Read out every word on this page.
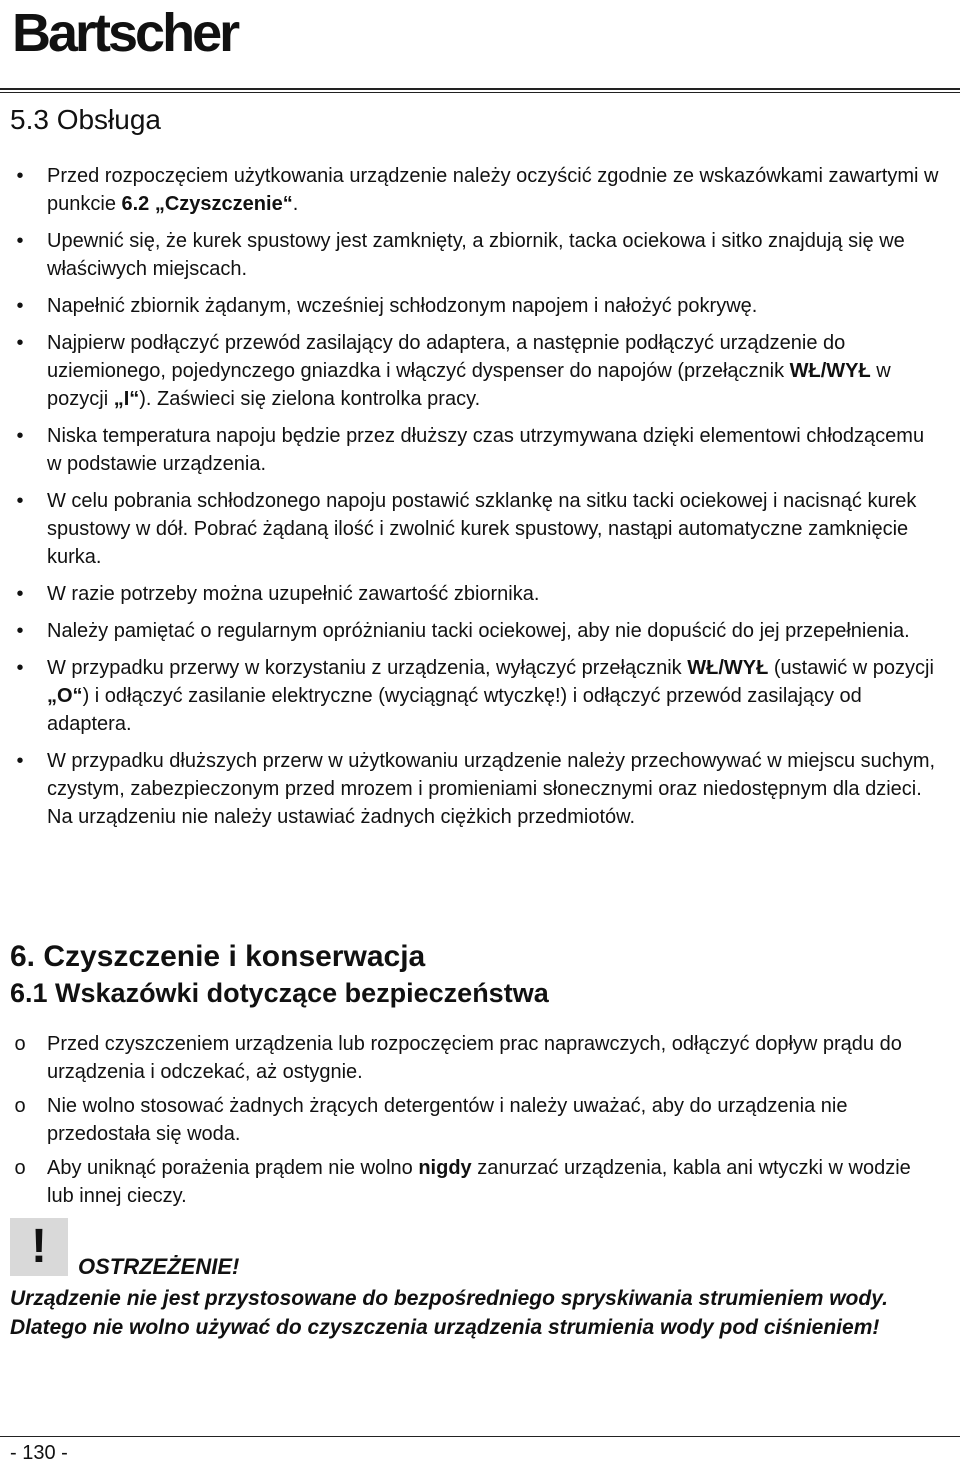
Bartscher
5.3 Obsługa
•	Przed rozpoczęciem użytkowania urządzenie należy oczyścić zgodnie ze wskazówkami zawartymi w punkcie 6.2 „Czyszczenie“.
•	Upewnić się, że kurek spustowy jest zamknięty, a zbiornik, tacka ociekowa i sitko znajdują się we właściwych miejscach.
•	Napełnić zbiornik żądanym, wcześniej schłodzonym napojem i nałożyć pokrywę.
•	Najpierw podłączyć przewód zasilający do adaptera, a następnie podłączyć urządzenie do uziemionego, pojedynczego gniazdka i włączyć dyspenser do napojów (przełącznik WŁ/WYŁ w pozycji „I“). Zaświeci się zielona kontrolka pracy.
•	Niska temperatura napoju będzie przez dłuższy czas utrzymywana dzięki elementowi chłodzącemu w podstawie urządzenia.
•	W celu pobrania schłodzonego napoju postawić szklankę na sitku tacki ociekowej i nacisnąć kurek spustowy w dół. Pobrać żądaną ilość i zwolnić kurek spustowy, nastąpi automatyczne zamknięcie kurka.
•	W razie potrzeby można uzupełnić zawartość zbiornika.
•	Należy pamiętać o regularnym opróżnianiu tacki ociekowej, aby nie dopuścić do jej przepełnienia.
•	W przypadku przerwy w korzystaniu z urządzenia, wyłączyć przełącznik WŁ/WYŁ (ustawić w pozycji „O“) i odłączyć zasilanie elektryczne (wyciągnąć wtyczkę!) i odłączyć przewód zasilający od adaptera.
•	W przypadku dłuższych przerw w użytkowaniu urządzenie należy przechowywać w miejscu suchym, czystym, zabezpieczonym przed mrozem i promieniami słonecznymi oraz niedostępnym dla dzieci. Na urządzeniu nie należy ustawiać żadnych ciężkich przedmiotów.
6. Czyszczenie i konserwacja
6.1 Wskazówki dotyczące bezpieczeństwa
o Przed czyszczeniem urządzenia lub rozpoczęciem prac naprawczych, odłączyć dopływ prądu do urządzenia i odczekać, aż ostygnie.
o Nie wolno stosować żadnych żrących detergentów i należy uważać, aby do urządzenia nie przedostała się woda.
o Aby uniknąć porażenia prądem nie wolno nigdy zanurzać urządzenia, kabla ani wtyczki w wodzie lub innej cieczy.
!	OSTRZEŻENIE!
Urządzenie nie jest przystosowane do bezpośredniego spryskiwania strumieniem wody. Dlatego nie wolno używać do czyszczenia urządzenia strumienia wody pod ciśnieniem!
- 130 -
